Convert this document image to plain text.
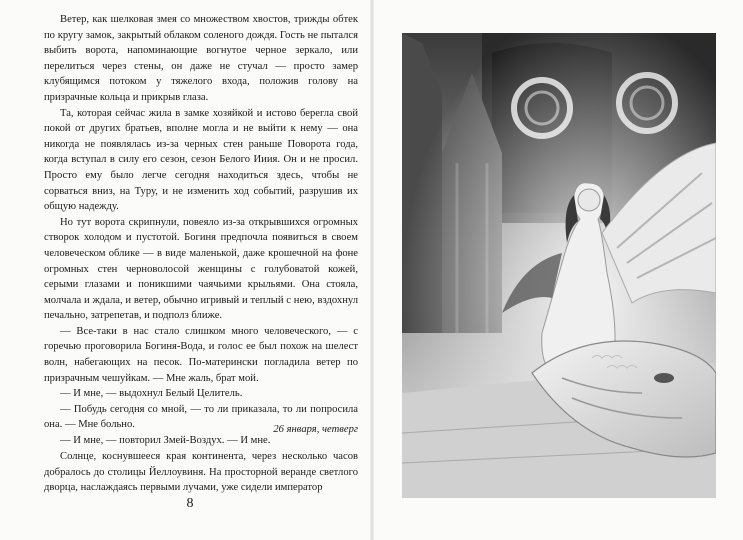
Ветер, как шелковая змея со множеством хвостов, трижды обтек по кругу замок, закрытый облаком соленого дождя. Гость не пытался выбить ворота, напоминающие вогнутое черное зеркало, или перелиться через стены, он даже не стучал — просто замер клубящимся потоком у тяжелого входа, положив голову на призрачные кольца и прикрыв глаза.

Та, которая сейчас жила в замке хозяйкой и истово берегла свой покой от других братьев, вполне могла и не выйти к нему — она никогда не появлялась из-за черных стен раньше Поворота года, когда вступал в силу его сезон, сезон Белого Ииия. Он и не просил. Просто ему было легче сегодня находиться здесь, чтобы не сорваться вниз, на Туру, и не изменить ход событий, разрушив их общую надежду.

Но тут ворота скрипнули, повеяло из-за открывшихся огромных створок холодом и пустотой. Богиня предпочла появиться в своем человеческом облике — в виде маленькой, даже крошечной на фоне огромных стен черноволосой женщины с голубоватой кожей, серыми глазами и поникшими чаячьими крыльями. Она стояла, молчала и ждала, и ветер, обычно игривый и теплый с нею, вздохнул печально, затрепетав, и подполз ближе.

— Все-таки в нас стало слишком много человеческого, — с горечью проговорила Богиня-Вода, и голос ее был похож на шелест волн, набегающих на песок. По-матерински погладила ветер по призрачным чешуйкам. — Мне жаль, брат мой.

— И мне, — выдохнул Белый Целитель.

— Побудь сегодня со мной, — то ли приказала, то ли попросила она. — Мне больно.

— И мне, — повторил Змей-Воздух. — И мне.

26 января, четверг

Солнце, коснувшееся края континента, через несколько часов добралось до столицы Йеллоувиня. На просторной веранде светлого дворца, наслаждаясь первыми лучами, уже сидели император

8
